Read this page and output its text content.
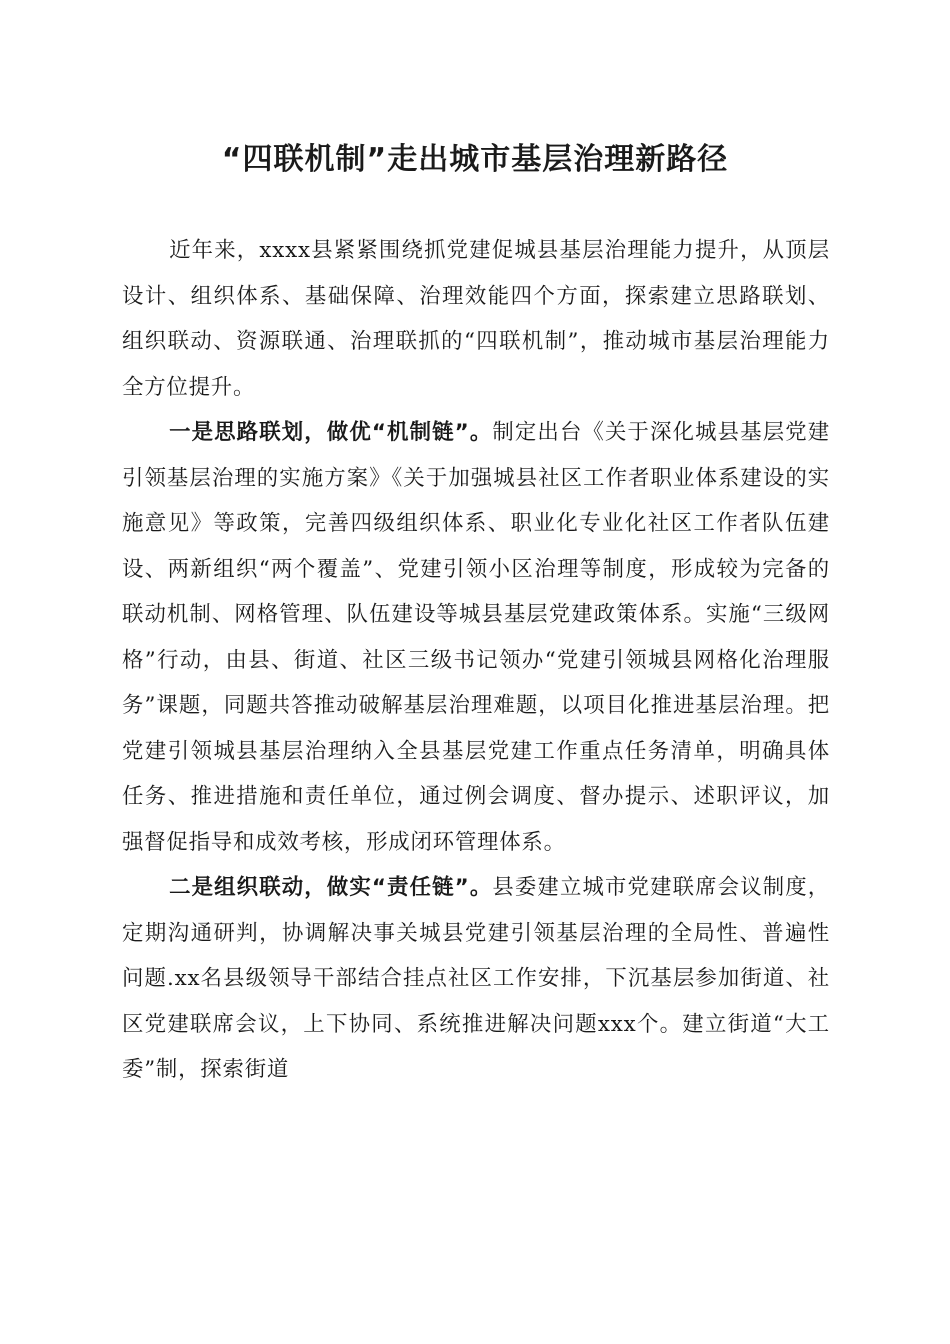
“四联机制”走出城市基层治理新路径

近年来，xxxx县紧紧围绕抓党建促城县基层治理能力提升，从顶层设计、组织体系、基础保障、治理效能四个方面，探索建立思路联划、组织联动、资源联通、治理联抓的“四联机制”，推动城市基层治理能力全方位提升。

一是思路联划，做优“机制链”。制定出台《关于深化城县基层党建引领基层治理的实施方案》《关于加强城县社区工作者职业体系建设的实施意见》等政策，完善四级组织体系、职业化专业化社区工作者队伍建设、两新组织“两个覆盖”、党建引领小区治理等制度，形成较为完备的联动机制、网格管理、队伍建设等城县基层党建政策体系。实施“三级网格”行动，由县、街道、社区三级书记领办“党建引领城县网格化治理服务”课题，同题共答推动破解基层治理难题，以项目化推进基层治理。把党建引领城县基层治理纳入全县基层党建工作重点任务清单，明确具体任务、推进措施和责任单位，通过例会调度、督办提示、述职评议，加强督促指导和成效考核，形成闭环管理体系。

二是组织联动，做实“责任链”。县委建立城市党建联席会议制度，定期沟通研判，协调解决事关城县党建引领基层治理的全局性、普遍性问题.xx名县级领导干部结合挂点社区工作安排，下沉基层参加街道、社区党建联席会议，上下协同、系统推进解决问题xxx个。建立街道“大工委”制，探索街道
